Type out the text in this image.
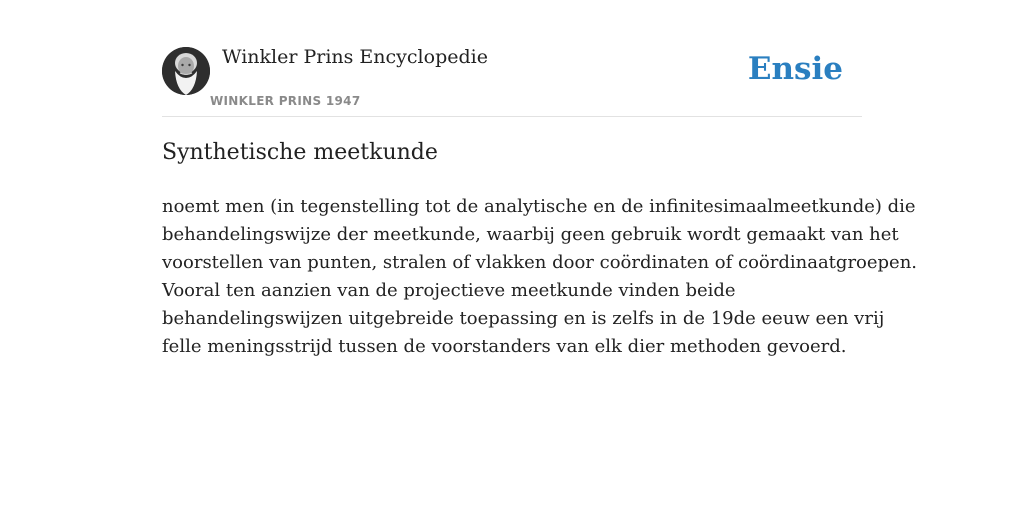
Winkler Prins Encyclopedie
WINKLER PRINS 1947
Ensie
Synthetische meetkunde

noemt men (in tegenstelling tot de analytische en de infinitesimaalmeetkunde) die
behandelingswijze der meetkunde, waarbij geen gebruik wordt gemaakt van het
voorstellen van punten, stralen of vlakken door coördinaten of coördinaatgroepen.
Vooral ten aanzien van de projectieve meetkunde vinden beide
behandelingswijzen uitgebreide toepassing en is zelfs in de 19de eeuw een vrij
felle meningsstrijd tussen de voorstanders van elk dier methoden gevoerd.
